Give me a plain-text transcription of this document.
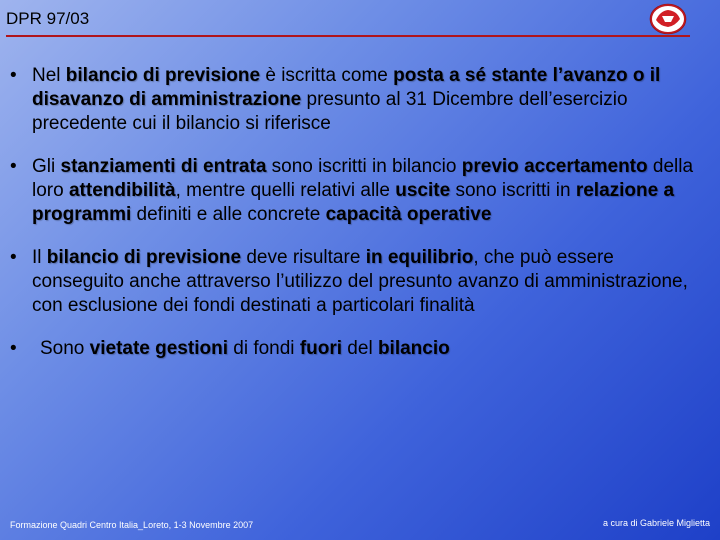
DPR 97/03
• Nel bilancio di previsione è iscritta come posta a sé stante l’avanzo o il disavanzo di amministrazione presunto al 31 Dicembre dell’esercizio precedente cui il bilancio si riferisce
• Gli stanziamenti di entrata sono iscritti in bilancio previo accertamento della loro attendibilità, mentre quelli relativi alle uscite sono iscritti in relazione a programmi definiti e alle concrete capacità operative
• Il bilancio di previsione deve risultare in equilibrio, che può essere conseguito anche attraverso l’utilizzo del presunto avanzo di amministrazione, con esclusione dei fondi destinati a particolari finalità
•	Sono vietate gestioni di fondi fuori del bilancio
Formazione Quadri Centro Italia_Loreto, 1-3 Novembre 2007	a cura di Gabriele Miglietta
